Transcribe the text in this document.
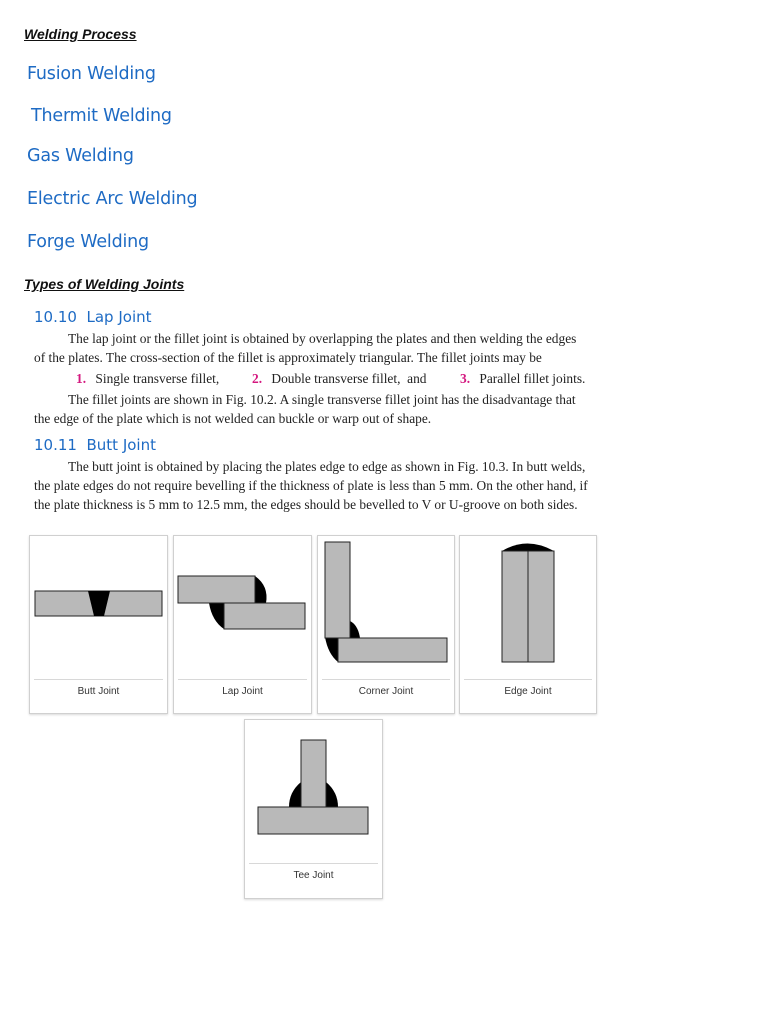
Welding Process
Fusion Welding
Thermit Welding
Gas Welding
Electric Arc Welding
Forge Welding
Types of Welding Joints
10.10 Lap Joint
The lap joint or the fillet joint is obtained by overlapping the plates and then welding the edges
of the plates. The cross-section of the fillet is approximately triangular. The fillet joints may be
1. Single transverse fillet, 2. Double transverse fillet,  and	3. Parallel fillet joints.
The fillet joints are shown in Fig. 10.2. A single transverse fillet joint has the disadvantage that
the edge of the plate which is not welded can buckle or warp out of shape.
10.11 Butt Joint
The butt joint is obtained by placing the plates edge to edge as shown in Fig. 10.3. In butt welds,
the plate edges do not require bevelling if the thickness of plate is less than 5 mm. On the other hand, if
the plate thickness is 5 mm to 12.5 mm, the edges should be bevelled to V or U-groove on both sides.
Butt Joint	Lap Joint	Corner Joint	Edge Joint
Tee Joint
